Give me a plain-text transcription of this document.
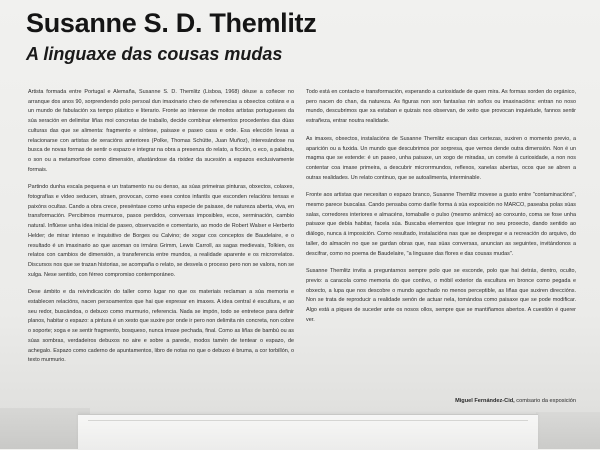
Susanne S. D. Themlitz
A linguaxe das cousas mudas

Artista formada entre Portugal e Alemaña, Susanne S. D. Themlitz (Lisboa, 1968) déuse a coñecer no arranque dos anos 90, sorprendendo polo persoal dun imaxinario cheo de referencias a obxectos cotiáns e a un mundo de fabulación xa tempo plástico e literario. Fronte ao interese de moitos artistas portugueses da súa xeración en delimitar liñas moi concretas de traballo, decide combinar elementos procedentes das dúas culturas das que se alimenta: fragmento e síntese, paisaxe e paseo casa e orde. Esa elección levaa a relacionarse con artistas de xeracións anteriores (Polke, Thomas Schütte, Juan Muñoz), interesándose na busca de novas formas de sentir o espazo e integrar na obra a presenza do relato, a ficción, o eco, a palabra, o son ou a metamorfose como dimensión, afastándose da rixidez da sucesión a espazos exclusivamente formais.

Partindo dunha escala pequena e un tratamento nu ou denso, as súas primeiras pinturas, obxectos, colaxes, fotografías e vídeo seducen, straen, provocan, como eses contos infantís que esconden relacións tensas e paixóns ocultas. Cando a obra crece, preséntase como unha especie de paisaxe, de natureza aberta, viva, en transformación. Percibimos murmuros, pasos perdidos, conversas imposibles, ecos, xerminación, cambio natural. Inflúese unha idea inicial de paseo, observación e comentario, ao modo de Robert Walser e Herberto Helder; de mirar intenso e inquisitivo de Borges ou Calvino; de xogar cos conceptos de Baudelaire, e o resultado é un imaxinario ao que asoman os irmáns Grimm, Lewis Carroll, as sagas medievais, Tolkien, os relatos con cambios de dimensión, a transferencia entre mundos, a realidade aparente e os microrrelatos. Discursos nos que se trazan historias, se acompaña o relato, se desvela o proceso pero non se valora, non se xulga. Nese sentido, con férreo compromiso contemporáneo.

Dese ámbito e da reivindicación do taller como lugar no que os materiais reclaman a súa memoria e establecen relacións, nacen persoamentos que hai que expresar en imaxes. A idea central é escultura, e ao seu redor, buscándoa, o debuxo como murmurio, referencia. Nada se impón, todo se entretece para definir planos, habitar o espazo: a pintura é un xesto que suxire por onde ir pero non delimita nin concreta, non cobre o soporte; xoga e se sentir fragmento, bosquexo, nunca imaxe pechada, final. Como as liñas de bambú ou as súas sombras, verdadeiros debuxos no aire e sobre a parede, modos tamén de tentear o espazo, de achegalo. Espazo como caderno de apuntamentos, libro de notas no que o debuxo é bruma, a cor torbillón, o texto murmurio.

Todo está en contacto e transformación, esperando a curiosidade de quen mira. As formas xorden do orgánico, pero nacen do chan, da natureza. As figuras non son fantasías nin soños ou imaxinacións: entran no noso mundo, descubrimos que xa estaban e quizais nos observan, de xeito que provocan inquietude, fannos sentir estrañeza, entrar noutra realidade.

As imaxes, obxectos, instalacións de Susanne Themlitz escapan das certezas, suxiren o momento previo, a aparición ou a fuxida. Un mundo que descubrimos por sorpresa, que vemos dende outra dimensión. Non é un magma que se estende: é un paseo, unha paisaxe, un xogo de miradas, un convite á curiosidade, a non nos contentar coa imaxe primeira, a descubrir microrrmundos, reflexos, xanelas abertas, ocos que se abren a outras realidades. Un relato continuo, que se autoalimenta, interminable.

Fronte aos artistas que necesitan o espazo branco, Susanne Themlitz movese a gusto entre "contaminacións", mesmo parece buscalas. Cando pensaba como darlle forma á súa exposición no MARCO, paseaba polas súas salas, corredores interiores e almacéns, tomaballe o pulso (mesmo anímico) ao conxunto, coma se fose unha paisaxe que debía habitar, facela súa. Buscaba elementos que integrar no seu proxecto, dando sentido ao diálogo, nunca á imposición. Como resultado, instalacións nas que se despregar e a recreación do arquivo, do taller, do almacén no que se gardan obras que, nas súas conversas, anuncian as seguintes, invitándonos a descifrar, como no poema de Baudelaire, "a linguaxe das flores e das cousas mudas".

Susanne Themlitz invita a preguntarnos sempre polo que se esconde, polo que hai detrás, dentro, oculto, previo: a caracola como memoria do que contivo, o móbil exterior da escultura en bronce como pegada e obxecto, a lupa que nos descobre o mundo agochado no menos perceptible, as liñas que suxiren direccións. Non se trata de reproducir a realidade senón de actuar nela, tomándoa como paisaxe que se pode modificar. Algo está a piques de suceder ante os nosos ollos, sempre que se mantiñamos abertos. A cuestión é querer ver.

Miguel Fernández-Cid, comisario da exposición
